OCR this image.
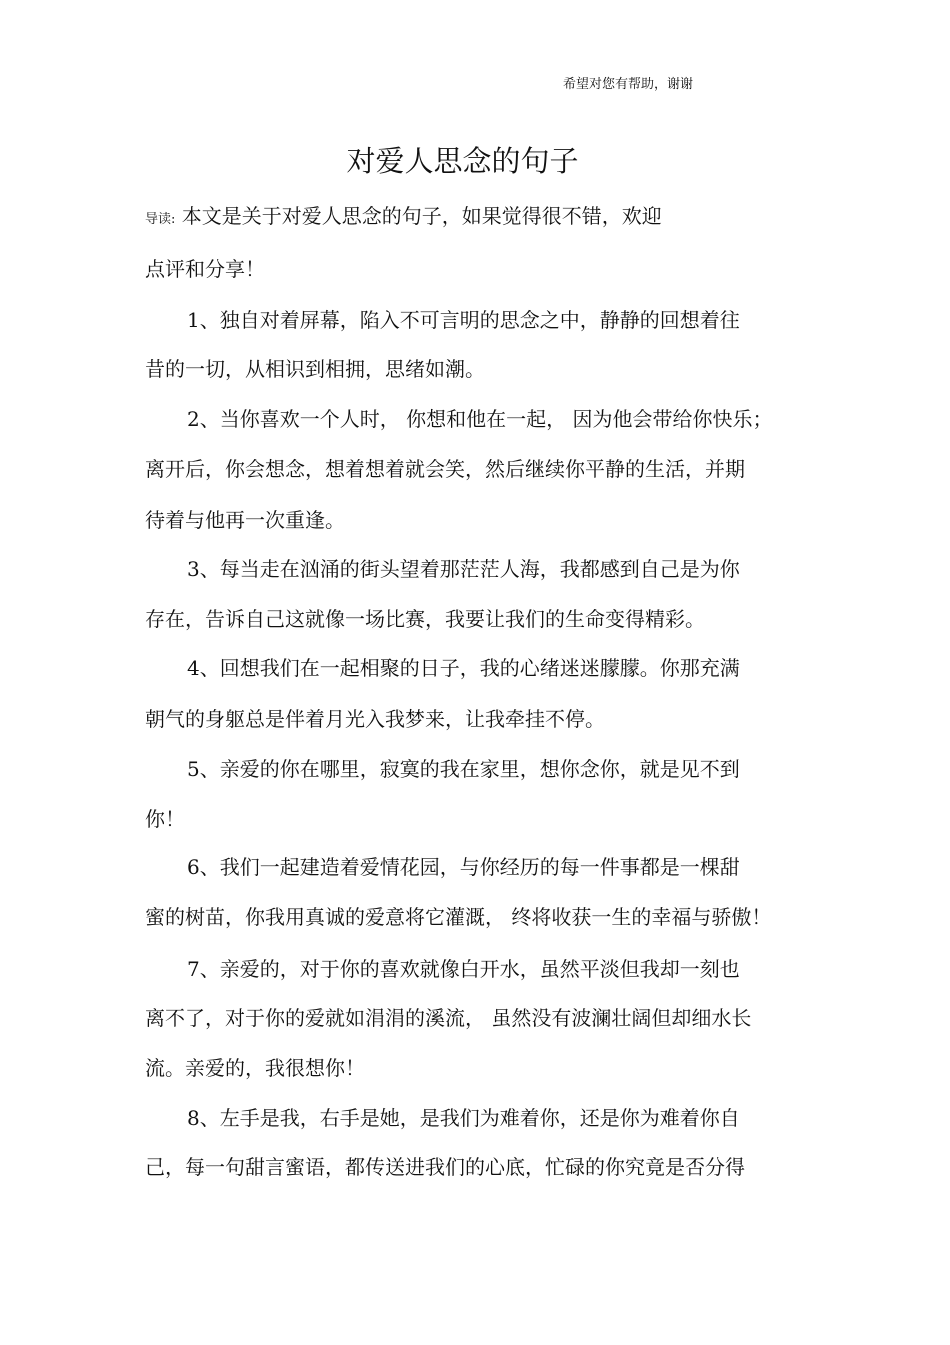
希望对您有帮助，谢谢
对爱人思念的句子
导读: 本文是关于对爱人思念的句子，如果觉得很不错，欢迎
点评和分享！
1、独自对着屏幕，陷入不可言明的思念之中，静静的回想着往
昔的一切，从相识到相拥，思绪如潮。
2、当你喜欢一个人时， 你想和他在一起， 因为他会带给你快乐；
离开后，你会想念，想着想着就会笑，然后继续你平静的生活，并期
待着与他再一次重逢。
3、每当走在汹涌的街头望着那茫茫人海，我都感到自己是为你
存在，告诉自己这就像一场比赛，我要让我们的生命变得精彩。
4、回想我们在一起相聚的日子，我的心绪迷迷朦朦。你那充满
朝气的身躯总是伴着月光入我梦来，让我牵挂不停。
5、亲爱的你在哪里，寂寞的我在家里，想你念你，就是见不到
你！
6、我们一起建造着爱情花园，与你经历的每一件事都是一棵甜
蜜的树苗，你我用真诚的爱意将它灌溉， 终将收获一生的幸福与骄傲！
7、亲爱的，对于你的喜欢就像白开水，虽然平淡但我却一刻也
离不了，对于你的爱就如涓涓的溪流， 虽然没有波澜壮阔但却细水长
流。亲爱的，我很想你！
8、左手是我，右手是她，是我们为难着你，还是你为难着你自
己，每一句甜言蜜语，都传送进我们的心底，忙碌的你究竟是否分得
